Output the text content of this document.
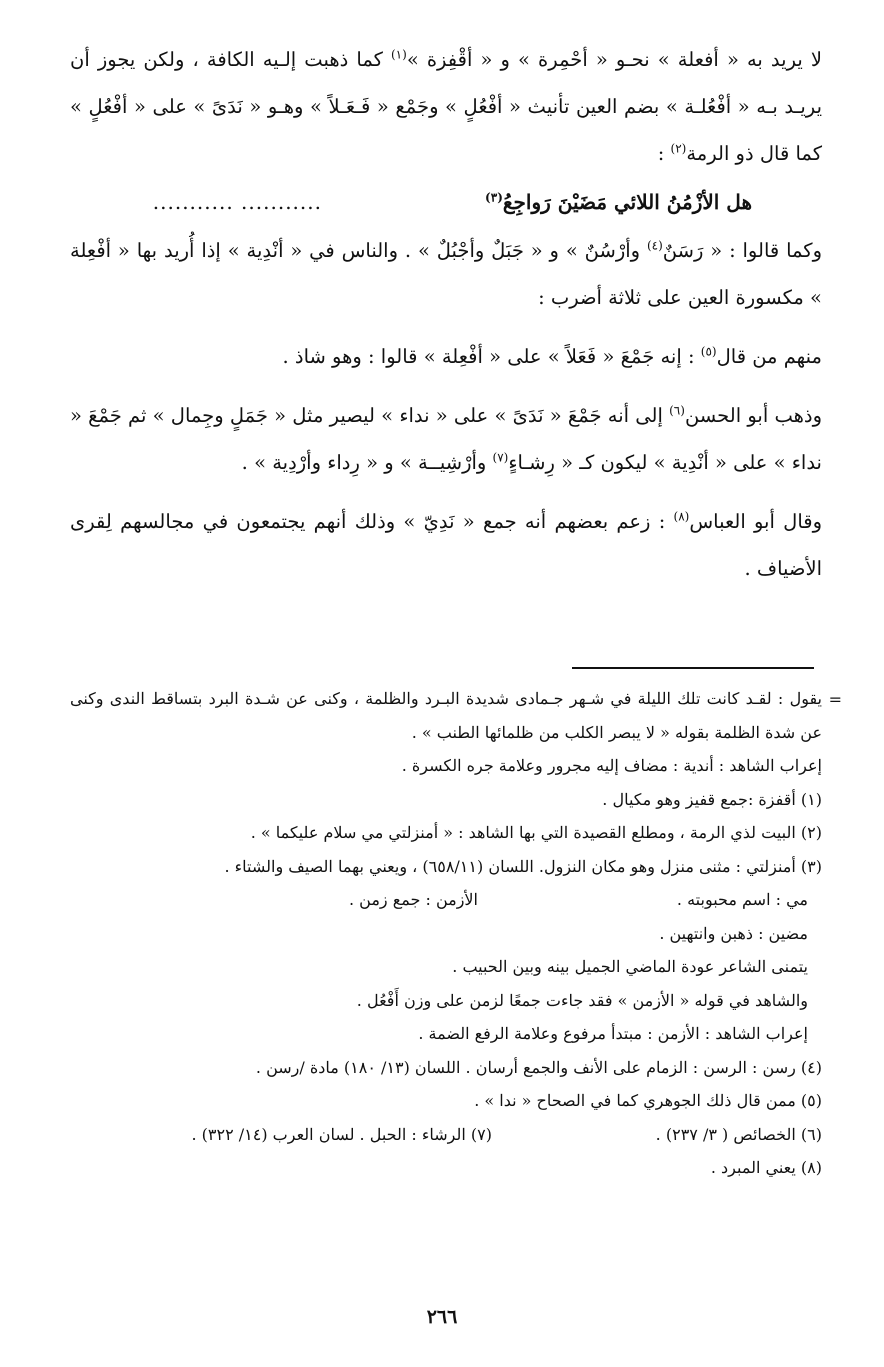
لا يريد به « أفعلة » نحـو « أحْمِرة » و « أقْفِزة »$^{(١)}$ كما ذهبت إلـيه الكافة ، ولكن يجوز أن يريـد بـه « أفْعُلـة » بضم العين تأنيث « أفْعُلٍ » وجَمْع « فَـعَـلاً » وهـو « نَدَىً » على « أفْعُلٍ » كما قال ذو الرمة$^{(٢)}$ :

هل الأزْمُنُ اللائي مَضَيْنَ رَواجِعُ$^{(٣)}$
........... ...........

وكما قالوا : « رَسَنٌ$^{(٤)}$ وأرْسُنٌ » و « جَبَلٌ وأجْبُلٌ » . والناس في « أنْدِية » إذا أُريد بها « أفْعِلة » مكسورة العين على ثلاثة أضرب :

منهم من قال$^{(٥)}$ : إنه جَمْعَ « فَعَلاً » على « أفْعِلة » قالوا : وهو شاذ .

وذهب أبو الحسن$^{(٦)}$ إلى أنه جَمْعَ « نَدَىً » على « نداء » ليصير مثل « جَمَلٍ وجِمال » ثم جَمْعَ « نداء » على « أنْدِية » ليكون كـ « رِشـاءٍ$^{(٧)}$ وأرْشِيــة » و « رِداء وأرْدِية » .

وقال أبو العباس$^{(٨)}$ : زعم بعضهم أنه جمع « نَدِيّ » وذلك أنهم يجتمعون في مجالسهم لِقرى الأضياف .

=

يقول : لقـد كانت تلك الليلة في شـهر جـمادى شديدة البـرد والظلمة ، وكنى عن شـدة البرد بتساقط الندى وكنى عن شدة الظلمة بقوله « لا يبصر الكلب من ظلمائها الطنب » .

إعراب الشاهد : أندية : مضاف إليه مجرور وعلامة جره الكسرة .

(١) أقفزة :جمع قفيز وهو مكيال .

(٢) البيت لذي الرمة ، ومطلع القصيدة التي بها الشاهد : « أمنزلتي مي سلام عليكما » .

(٣) أمنزلتي : مثنى منزل وهو مكان النزول. اللسان (٦٥٨/١١) ، ويعني بهما الصيف والشتاء .

مي : اسم محبوبته .
الأزمن : جمع زمن .

مضين : ذهبن وانتهين .

يتمنى الشاعر عودة الماضي الجميل بينه وبين الحبيب .

والشاهد في قوله « الأزمن » فقد جاءت جمعًا لزمن على وزن أَفْعُل .

إعراب الشاهد : الأزمن : مبتدأ مرفوع وعلامة الرفع الضمة .

(٤) رسن : الرسن : الزمام على الأنف والجمع أرسان . اللسان (١٣/ ١٨٠) مادة /رسن .

(٥) ممن قال ذلك الجوهري كما في الصحاح « ندا » .

(٦) الخصائص ( ٣/ ٢٣٧) .
(٧) الرشاء : الحبل . لسان العرب (١٤/ ٣٢٢) .

(٨) يعني المبرد .

٢٦٦
